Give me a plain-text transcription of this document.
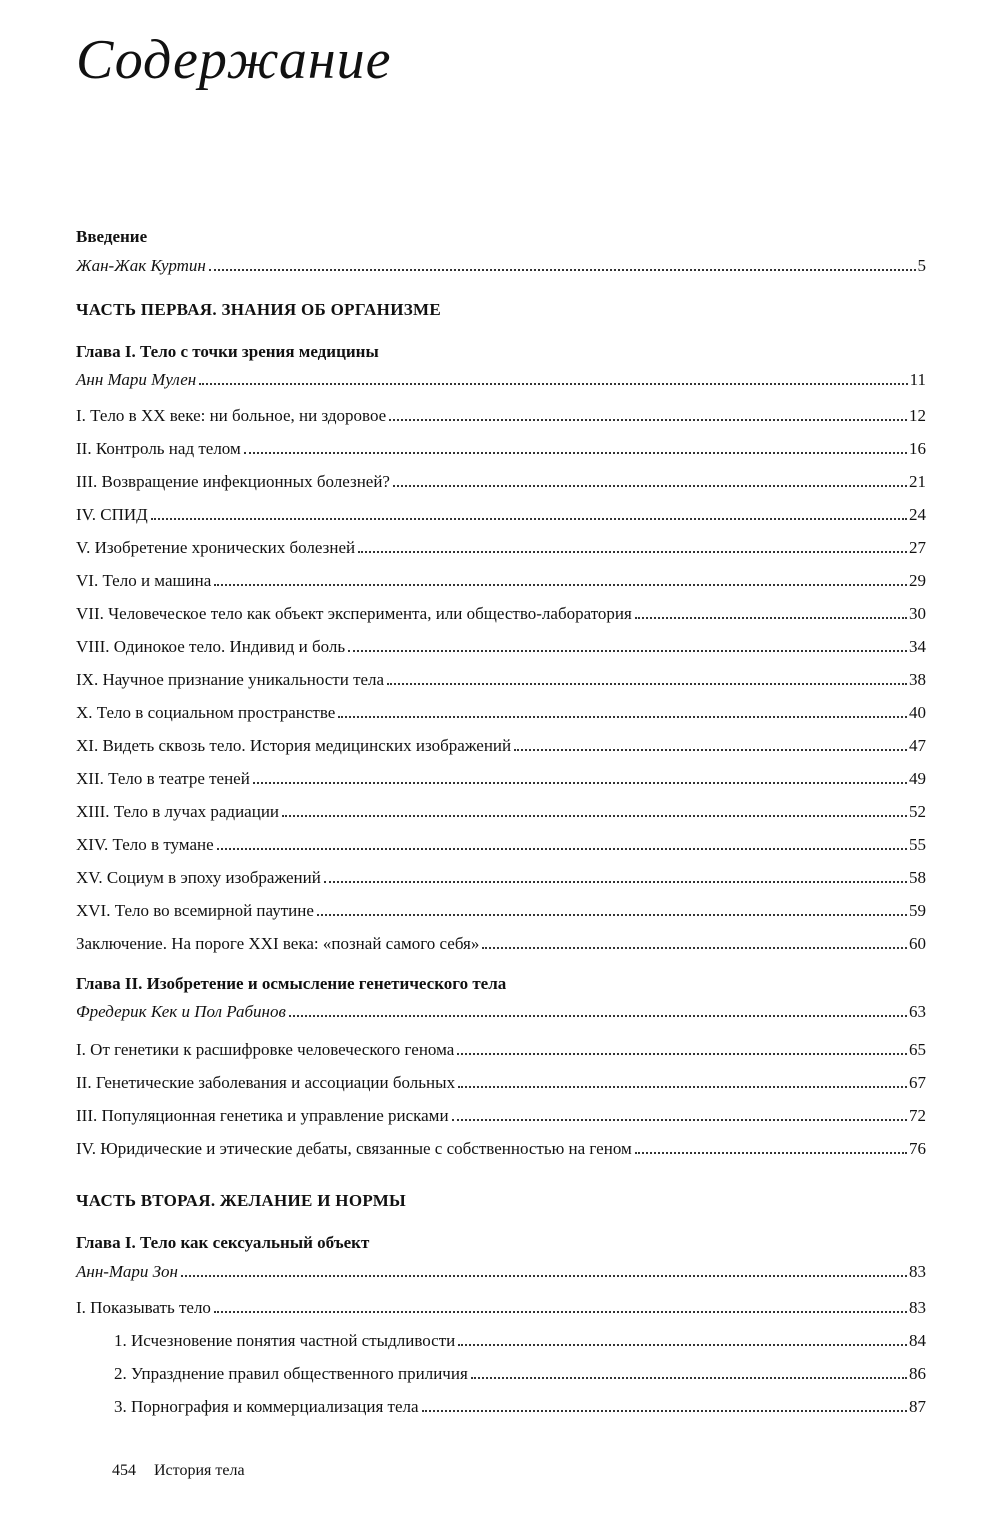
Содержание
Введение
Жан-Жак Куртин	5
ЧАСТЬ ПЕРВАЯ. ЗНАНИЯ ОБ ОРГАНИЗМЕ
Глава I. Тело с точки зрения медицины
Анн Мари Мулен	11
I. Тело в XX веке: ни больное, ни здоровое	12
II. Контроль над телом	16
III. Возвращение инфекционных болезней?	21
IV. СПИД	24
V. Изобретение хронических болезней	27
VI. Тело и машина	29
VII. Человеческое тело как объект эксперимента, или общество-лаборатория	30
VIII. Одинокое тело. Индивид и боль	34
IX. Научное признание уникальности тела	38
X. Тело в социальном пространстве	40
XI. Видеть сквозь тело. История медицинских изображений	47
XII. Тело в театре теней	49
XIII. Тело в лучах радиации	52
XIV. Тело в тумане	55
XV. Социум в эпоху изображений	58
XVI. Тело во всемирной паутине	59
Заключение. На пороге XXI века: «познай самого себя»	60
Глава II. Изобретение и осмысление генетического тела
Фредерик Кек и Пол Рабинов	63
I. От генетики к расшифровке человеческого генома	65
II. Генетические заболевания и ассоциации больных	67
III. Популяционная генетика и управление рисками	72
IV. Юридические и этические дебаты, связанные с собственностью на геном	76
ЧАСТЬ ВТОРАЯ. ЖЕЛАНИЕ И НОРМЫ
Глава I. Тело как сексуальный объект
Анн-Мари Зон	83
I. Показывать тело	83
1. Исчезновение понятия частной стыдливости	84
2. Упразднение правил общественного приличия	86
3. Порнография и коммерциализация тела	87
454 История тела
